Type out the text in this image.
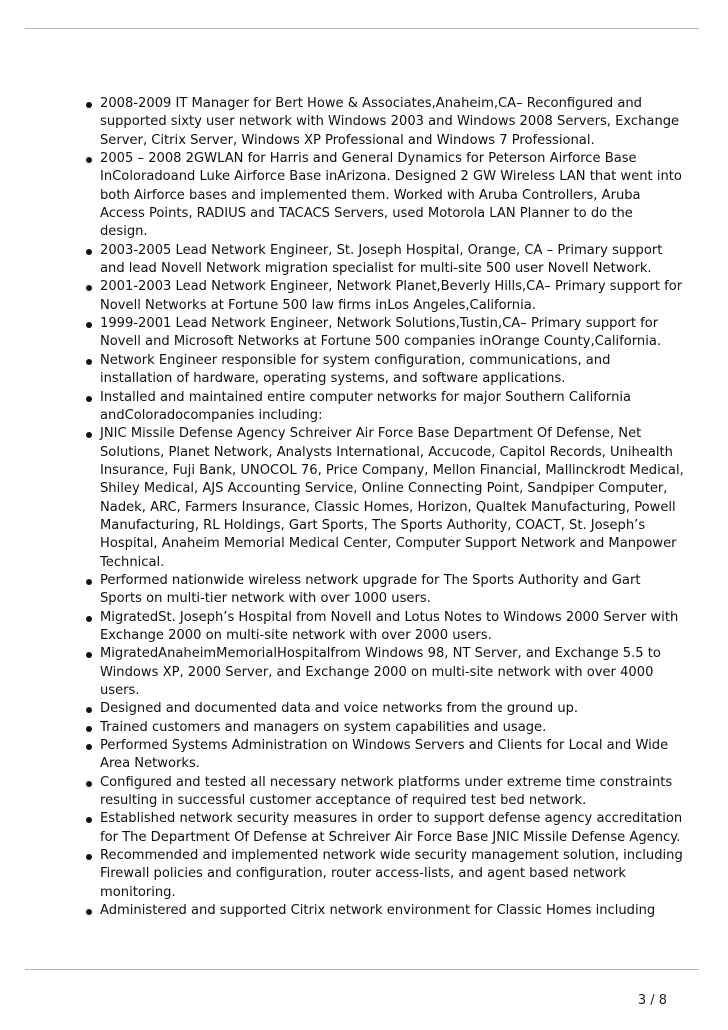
2008-2009 IT Manager for Bert Howe & Associates,Anaheim,CA– Reconfigured and supported sixty user network with Windows 2003 and Windows 2008 Servers, Exchange Server, Citrix Server, Windows XP Professional and Windows 7 Professional.
2005 – 2008 2GWLAN for Harris and General Dynamics for Peterson Airforce Base InColoradoand Luke Airforce Base inArizona. Designed 2 GW Wireless LAN that went into both Airforce bases and implemented them. Worked with Aruba Controllers, Aruba Access Points, RADIUS and TACACS Servers, used Motorola LAN Planner to do the design.
2003-2005 Lead Network Engineer, St. Joseph Hospital, Orange, CA – Primary support and lead Novell Network migration specialist for multi-site 500 user Novell Network.
2001-2003 Lead Network Engineer, Network Planet,Beverly Hills,CA– Primary support for Novell Networks at Fortune 500 law firms inLos Angeles,California.
1999-2001 Lead Network Engineer, Network Solutions,Tustin,CA– Primary support for Novell and Microsoft Networks at Fortune 500 companies inOrange County,California.
Network Engineer responsible for system configuration, communications, and installation of hardware, operating systems, and software applications.
Installed and maintained entire computer networks for major Southern California andColoradocompanies including:
JNIC Missile Defense Agency Schreiver Air Force Base Department Of Defense, Net Solutions, Planet Network, Analysts International, Accucode, Capitol Records, Unihealth Insurance, Fuji Bank, UNOCOL 76, Price Company, Mellon Financial, Mallinckrodt Medical, Shiley Medical, AJS Accounting Service, Online Connecting Point, Sandpiper Computer, Nadek, ARC, Farmers Insurance, Classic Homes, Horizon, Qualtek Manufacturing, Powell Manufacturing, RL Holdings, Gart Sports, The Sports Authority, COACT, St. Joseph’s Hospital, Anaheim Memorial Medical Center, Computer Support Network and Manpower Technical.
Performed nationwide wireless network upgrade for The Sports Authority and Gart Sports on multi-tier network with over 1000 users.
MigratedSt. Joseph’s Hospital from Novell and Lotus Notes to Windows 2000 Server with Exchange 2000 on multi-site network with over 2000 users.
MigratedAnaheimMemorialHospitalfrom Windows 98, NT Server, and Exchange 5.5 to Windows XP, 2000 Server, and Exchange 2000 on multi-site network with over 4000 users.
Designed and documented data and voice networks from the ground up.
Trained customers and managers on system capabilities and usage.
Performed Systems Administration on Windows Servers and Clients for Local and Wide Area Networks.
Configured and tested all necessary network platforms under extreme time constraints resulting in successful customer acceptance of required test bed network.
Established network security measures in order to support defense agency accreditation for The Department Of Defense at Schreiver Air Force Base JNIC Missile Defense Agency.
Recommended and implemented network wide security management solution, including Firewall policies and configuration, router access-lists, and agent based network monitoring.
Administered and supported Citrix network environment for Classic Homes including
3 / 8
